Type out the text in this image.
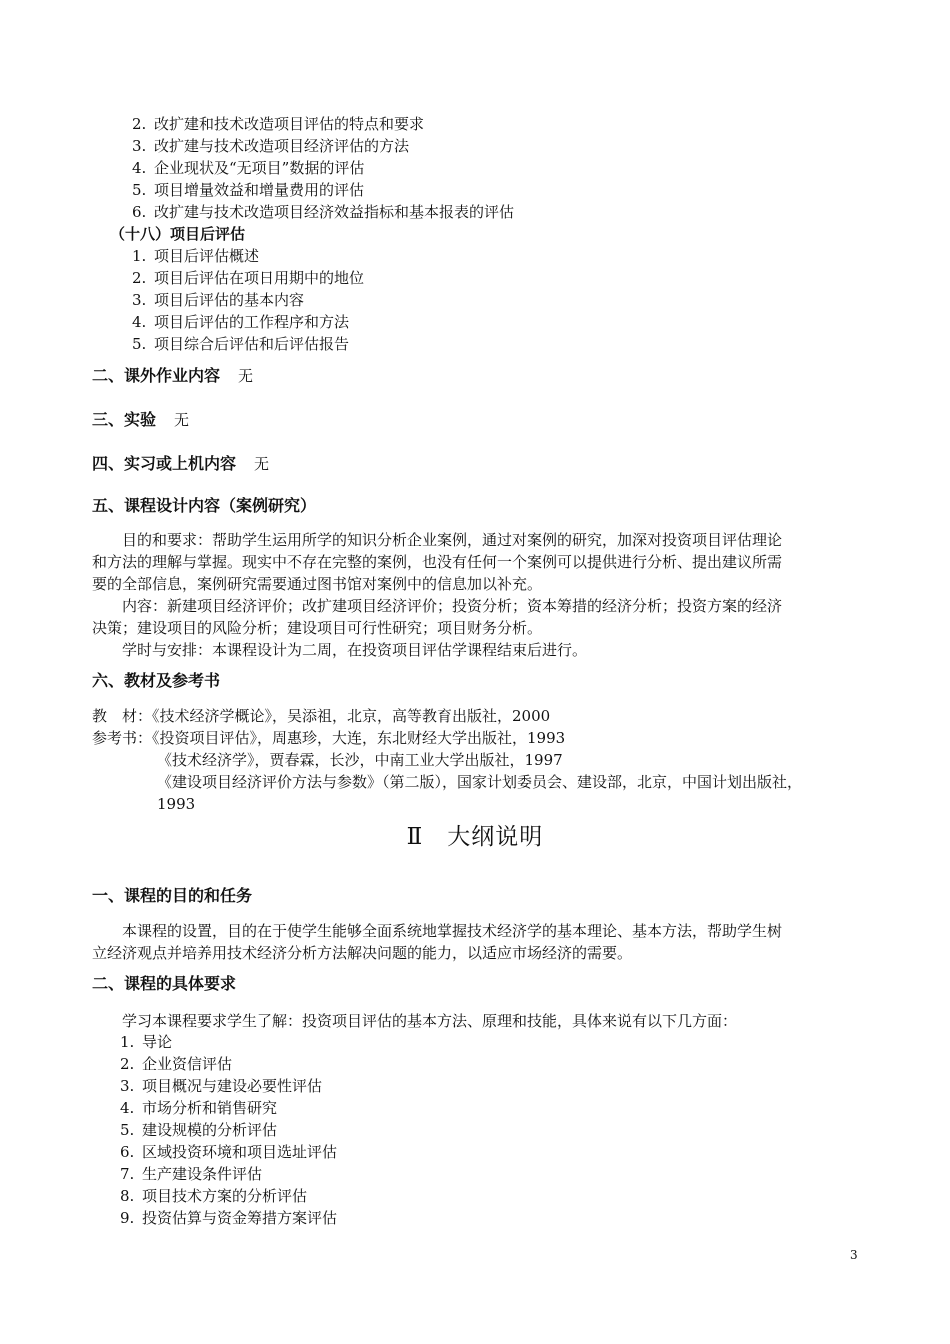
2. 改扩建和技术改造项目评估的特点和要求
3. 改扩建与技术改造项目经济评估的方法
4. 企业现状及“无项目”数据的评估
5. 项目增量效益和增量费用的评估
6. 改扩建与技术改造项目经济效益指标和基本报表的评估
（十八）项目后评估
1. 项目后评估概述
2. 项目后评估在项日用期中的地位
3. 项目后评估的基本内容
4. 项目后评估的工作程序和方法
5. 项目综合后评估和后评估报告
二、课外作业内容 无
三、实验 无
四、实习或上机内容 无
五、课程设计内容（案例研究）
目的和要求：帮助学生运用所学的知识分析企业案例，通过对案例的研究，加深对投资项目评估理论
和方法的理解与掌握。现实中不存在完整的案例，也没有任何一个案例可以提供进行分析、提出建议所需
要的全部信息，案例研究需要通过图书馆对案例中的信息加以补充。
内容：新建项目经济评价；改扩建项目经济评价；投资分析；资本筹措的经济分析；投资方案的经济
决策；建设项目的风险分析；建设项目可行性研究；项目财务分析。
学时与安排：本课程设计为二周，在投资项目评估学课程结束后进行。
六、教材及参考书
教　材：《技术经济学概论》，吴添祖，北京，高等教育出版社，2000
参考书：《投资项目评估》，周惠珍，大连，东北财经大学出版社，1993
《技术经济学》，贾春霖，长沙，中南工业大学出版社，1997
《建设项目经济评价方法与参数》（第二版），国家计划委员会、建设部，北京，中国计划出版社，
1993
Ⅱ　大纲说明
一、课程的目的和任务
本课程的设置，目的在于使学生能够全面系统地掌握技术经济学的基本理论、基本方法，帮助学生树
立经济观点并培养用技术经济分析方法解决问题的能力，以适应市场经济的需要。
二、课程的具体要求
学习本课程要求学生了解：投资项目评估的基本方法、原理和技能，具体来说有以下几方面：
1. 导论
2. 企业资信评估
3. 项目概况与建设必要性评估
4. 市场分析和销售研究
5. 建设规模的分析评估
6. 区域投资环境和项目选址评估
7. 生产建设条件评估
8. 项目技术方案的分析评估
9. 投资估算与资金筹措方案评估
3
